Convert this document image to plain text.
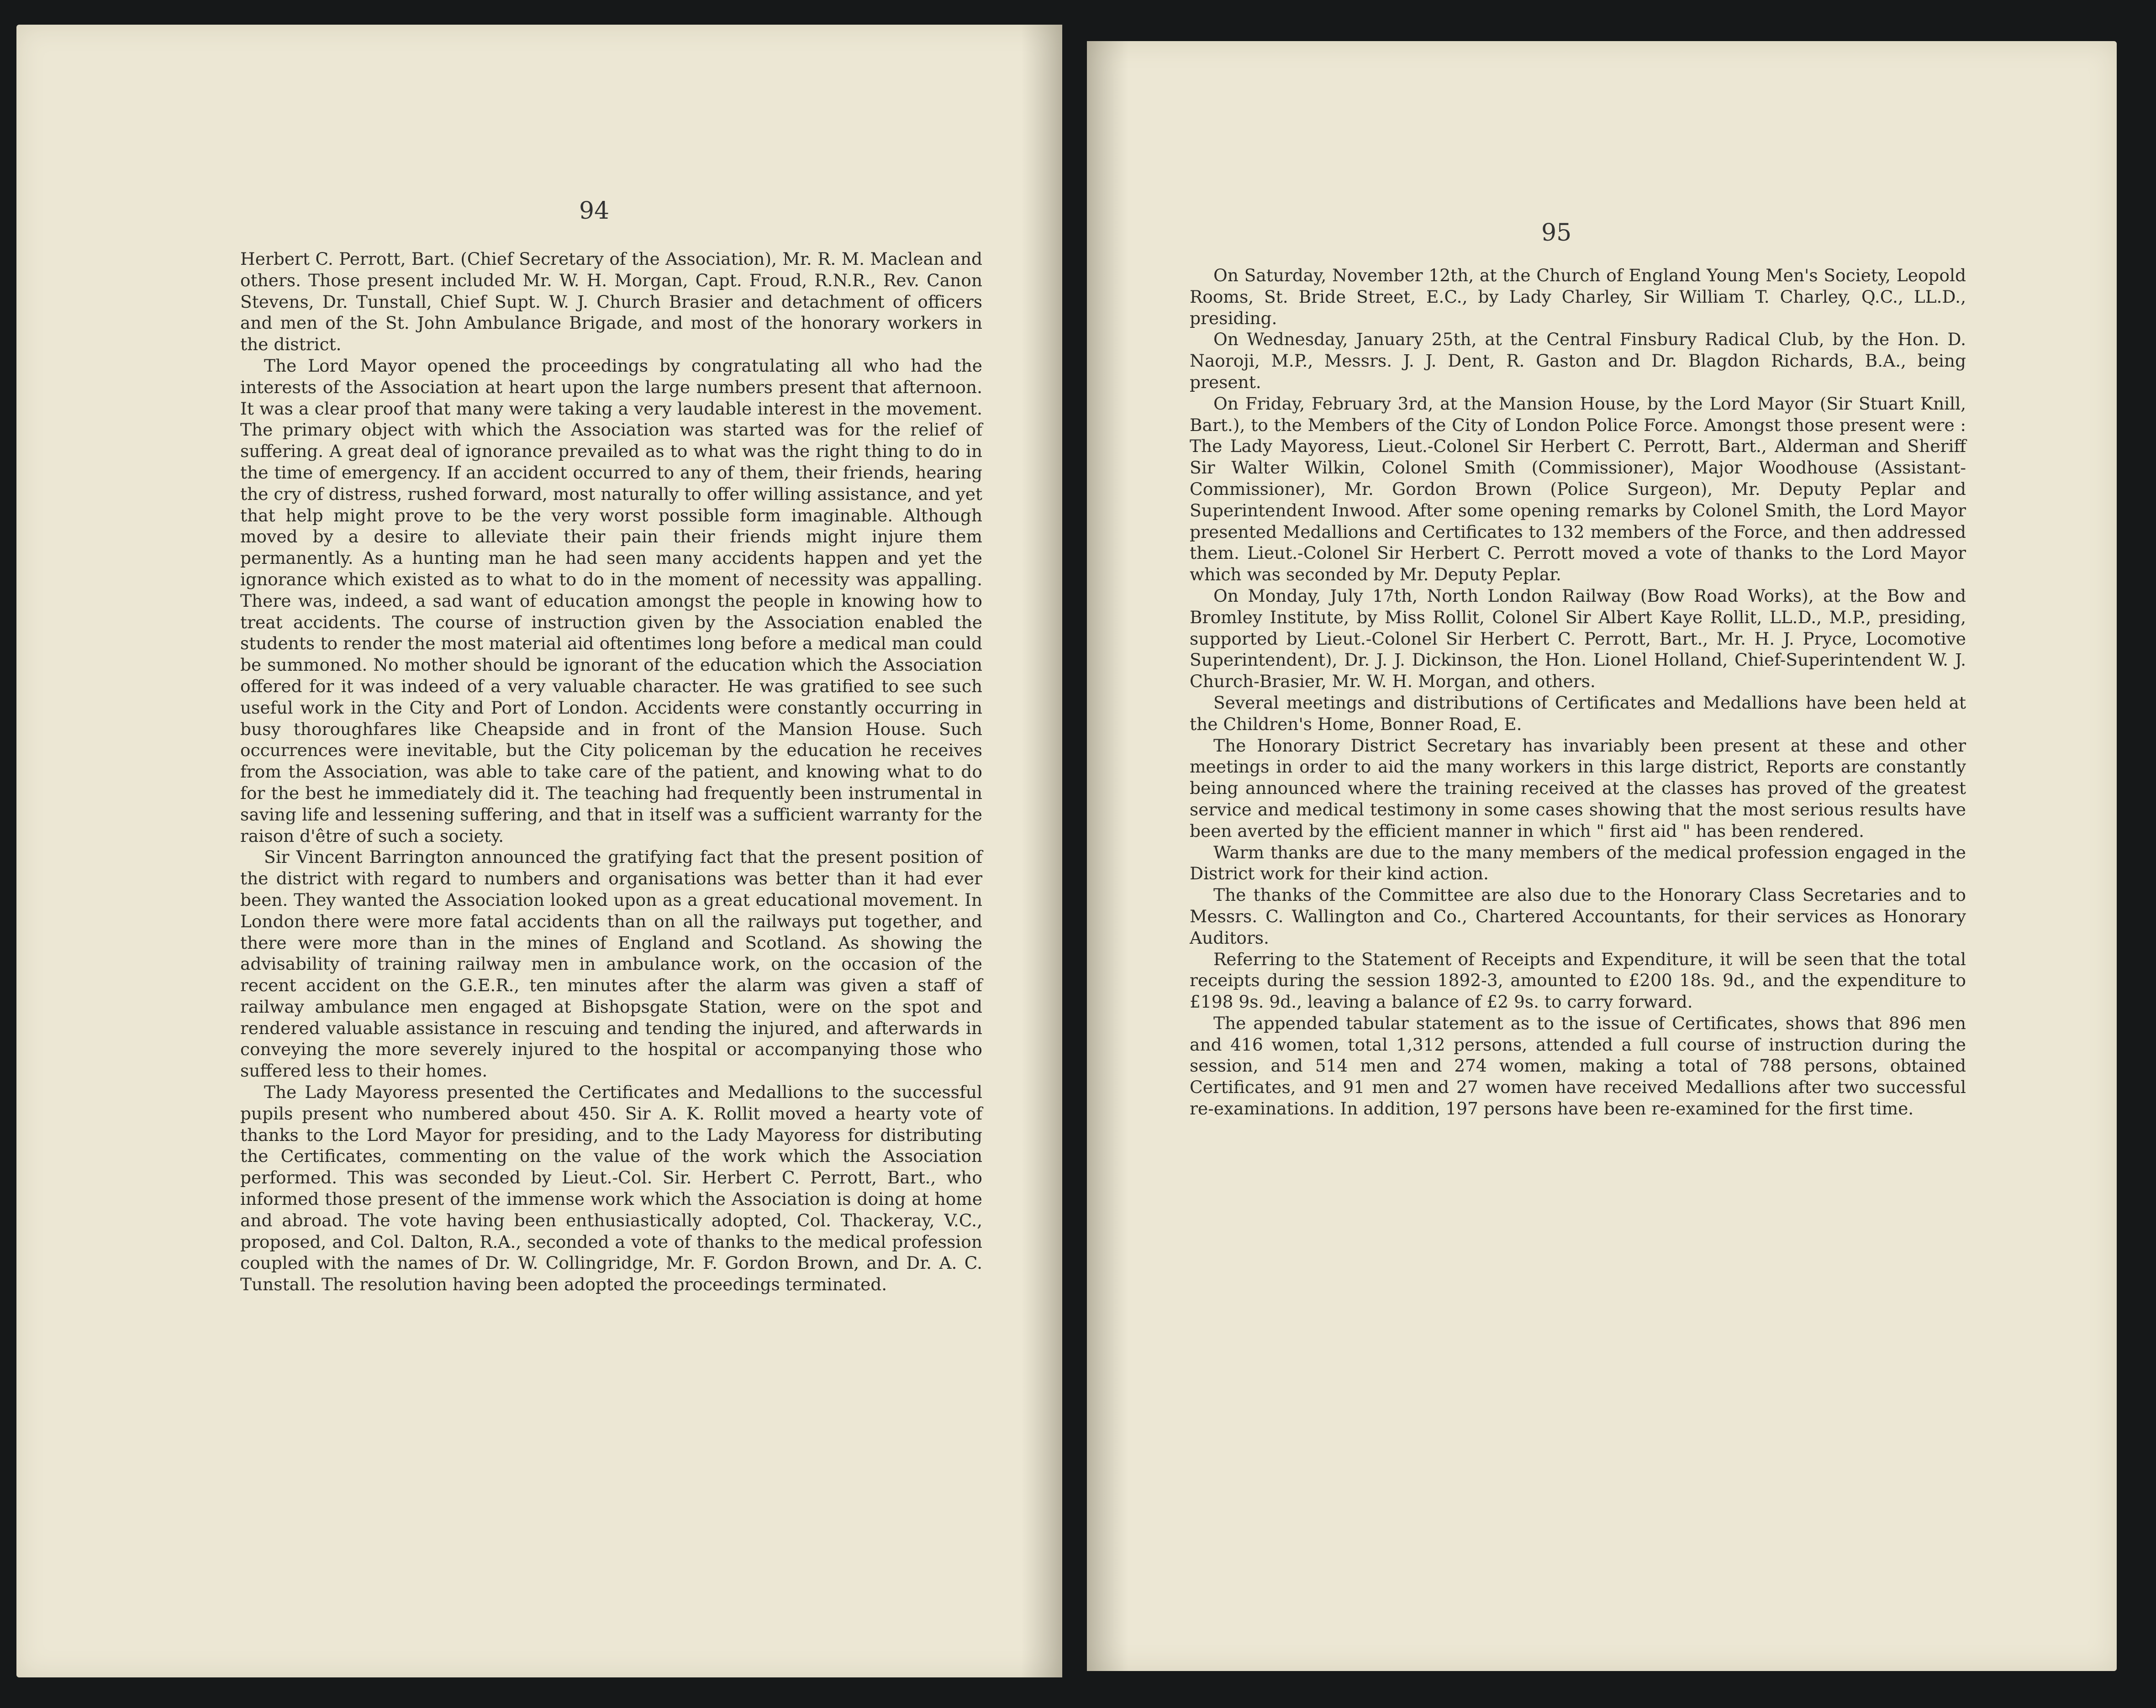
94

Herbert C. Perrott, Bart. (Chief Secretary of the Association), Mr. R. M. Maclean and others. Those present included Mr. W. H. Morgan, Capt. Froud, R.N.R., Rev. Canon Stevens, Dr. Tunstall, Chief Supt. W. J. Church Brasier and detachment of officers and men of the St. John Ambulance Brigade, and most of the honorary workers in the district.

The Lord Mayor opened the proceedings by congratulating all who had the interests of the Association at heart upon the large numbers present that afternoon. It was a clear proof that many were taking a very laudable interest in the movement. The primary object with which the Association was started was for the relief of suffering. A great deal of ignorance prevailed as to what was the right thing to do in the time of emergency. If an accident occurred to any of them, their friends, hearing the cry of distress, rushed forward, most naturally to offer willing assistance, and yet that help might prove to be the very worst possible form imaginable. Although moved by a desire to alleviate their pain their friends might injure them permanently. As a hunting man he had seen many accidents happen and yet the ignorance which existed as to what to do in the moment of necessity was appalling. There was, indeed, a sad want of education amongst the people in knowing how to treat accidents. The course of instruction given by the Association enabled the students to render the most material aid oftentimes long before a medical man could be summoned. No mother should be ignorant of the education which the Association offered for it was indeed of a very valuable character. He was gratified to see such useful work in the City and Port of London. Accidents were constantly occurring in busy thoroughfares like Cheapside and in front of the Mansion House. Such occurrences were inevitable, but the City policeman by the education he receives from the Association, was able to take care of the patient, and knowing what to do for the best he immediately did it. The teaching had frequently been instrumental in saving life and lessening suffering, and that in itself was a sufficient warranty for the raison d'être of such a society.

Sir Vincent Barrington announced the gratifying fact that the present position of the district with regard to numbers and organisations was better than it had ever been. They wanted the Association looked upon as a great educational movement. In London there were more fatal accidents than on all the railways put together, and there were more than in the mines of England and Scotland. As showing the advisability of training railway men in ambulance work, on the occasion of the recent accident on the G.E.R., ten minutes after the alarm was given a staff of railway ambulance men engaged at Bishopsgate Station, were on the spot and rendered valuable assistance in rescuing and tending the injured, and afterwards in conveying the more severely injured to the hospital or accompanying those who suffered less to their homes.

The Lady Mayoress presented the Certificates and Medallions to the successful pupils present who numbered about 450. Sir A. K. Rollit moved a hearty vote of thanks to the Lord Mayor for presiding, and to the Lady Mayoress for distributing the Certificates, commenting on the value of the work which the Association performed. This was seconded by Lieut.-Col. Sir. Herbert C. Perrott, Bart., who informed those present of the immense work which the Association is doing at home and abroad. The vote having been enthusiastically adopted, Col. Thackeray, V.C., proposed, and Col. Dalton, R.A., seconded a vote of thanks to the medical profession coupled with the names of Dr. W. Collingridge, Mr. F. Gordon Brown, and Dr. A. C. Tunstall. The resolution having been adopted the proceedings terminated.

95

On Saturday, November 12th, at the Church of England Young Men's Society, Leopold Rooms, St. Bride Street, E.C., by Lady Charley, Sir William T. Charley, Q.C., LL.D., presiding.

On Wednesday, January 25th, at the Central Finsbury Radical Club, by the Hon. D. Naoroji, M.P., Messrs. J. J. Dent, R. Gaston and Dr. Blagdon Richards, B.A., being present.

On Friday, February 3rd, at the Mansion House, by the Lord Mayor (Sir Stuart Knill, Bart.), to the Members of the City of London Police Force. Amongst those present were : The Lady Mayoress, Lieut.-Colonel Sir Herbert C. Perrott, Bart., Alderman and Sheriff Sir Walter Wilkin, Colonel Smith (Commissioner), Major Woodhouse (Assistant-Commissioner), Mr. Gordon Brown (Police Surgeon), Mr. Deputy Peplar and Superintendent Inwood. After some opening remarks by Colonel Smith, the Lord Mayor presented Medallions and Certificates to 132 members of the Force, and then addressed them. Lieut.-Colonel Sir Herbert C. Perrott moved a vote of thanks to the Lord Mayor which was seconded by Mr. Deputy Peplar.

On Monday, July 17th, North London Railway (Bow Road Works), at the Bow and Bromley Institute, by Miss Rollit, Colonel Sir Albert Kaye Rollit, LL.D., M.P., presiding, supported by Lieut.-Colonel Sir Herbert C. Perrott, Bart., Mr. H. J. Pryce, Locomotive Superintendent), Dr. J. J. Dickinson, the Hon. Lionel Holland, Chief-Superintendent W. J. Church-Brasier, Mr. W. H. Morgan, and others.

Several meetings and distributions of Certificates and Medallions have been held at the Children's Home, Bonner Road, E.

The Honorary District Secretary has invariably been present at these and other meetings in order to aid the many workers in this large district, Reports are constantly being announced where the training received at the classes has proved of the greatest service and medical testimony in some cases showing that the most serious results have been averted by the efficient manner in which " first aid " has been rendered.

Warm thanks are due to the many members of the medical profession engaged in the District work for their kind action.

The thanks of the Committee are also due to the Honorary Class Secretaries and to Messrs. C. Wallington and Co., Chartered Accountants, for their services as Honorary Auditors.

Referring to the Statement of Receipts and Expenditure, it will be seen that the total receipts during the session 1892-3, amounted to £200 18s. 9d., and the expenditure to £198 9s. 9d., leaving a balance of £2 9s. to carry forward.

The appended tabular statement as to the issue of Certificates, shows that 896 men and 416 women, total 1,312 persons, attended a full course of instruction during the session, and 514 men and 274 women, making a total of 788 persons, obtained Certificates, and 91 men and 27 women have received Medallions after two successful re-examinations. In addition, 197 persons have been re-examined for the first time.
